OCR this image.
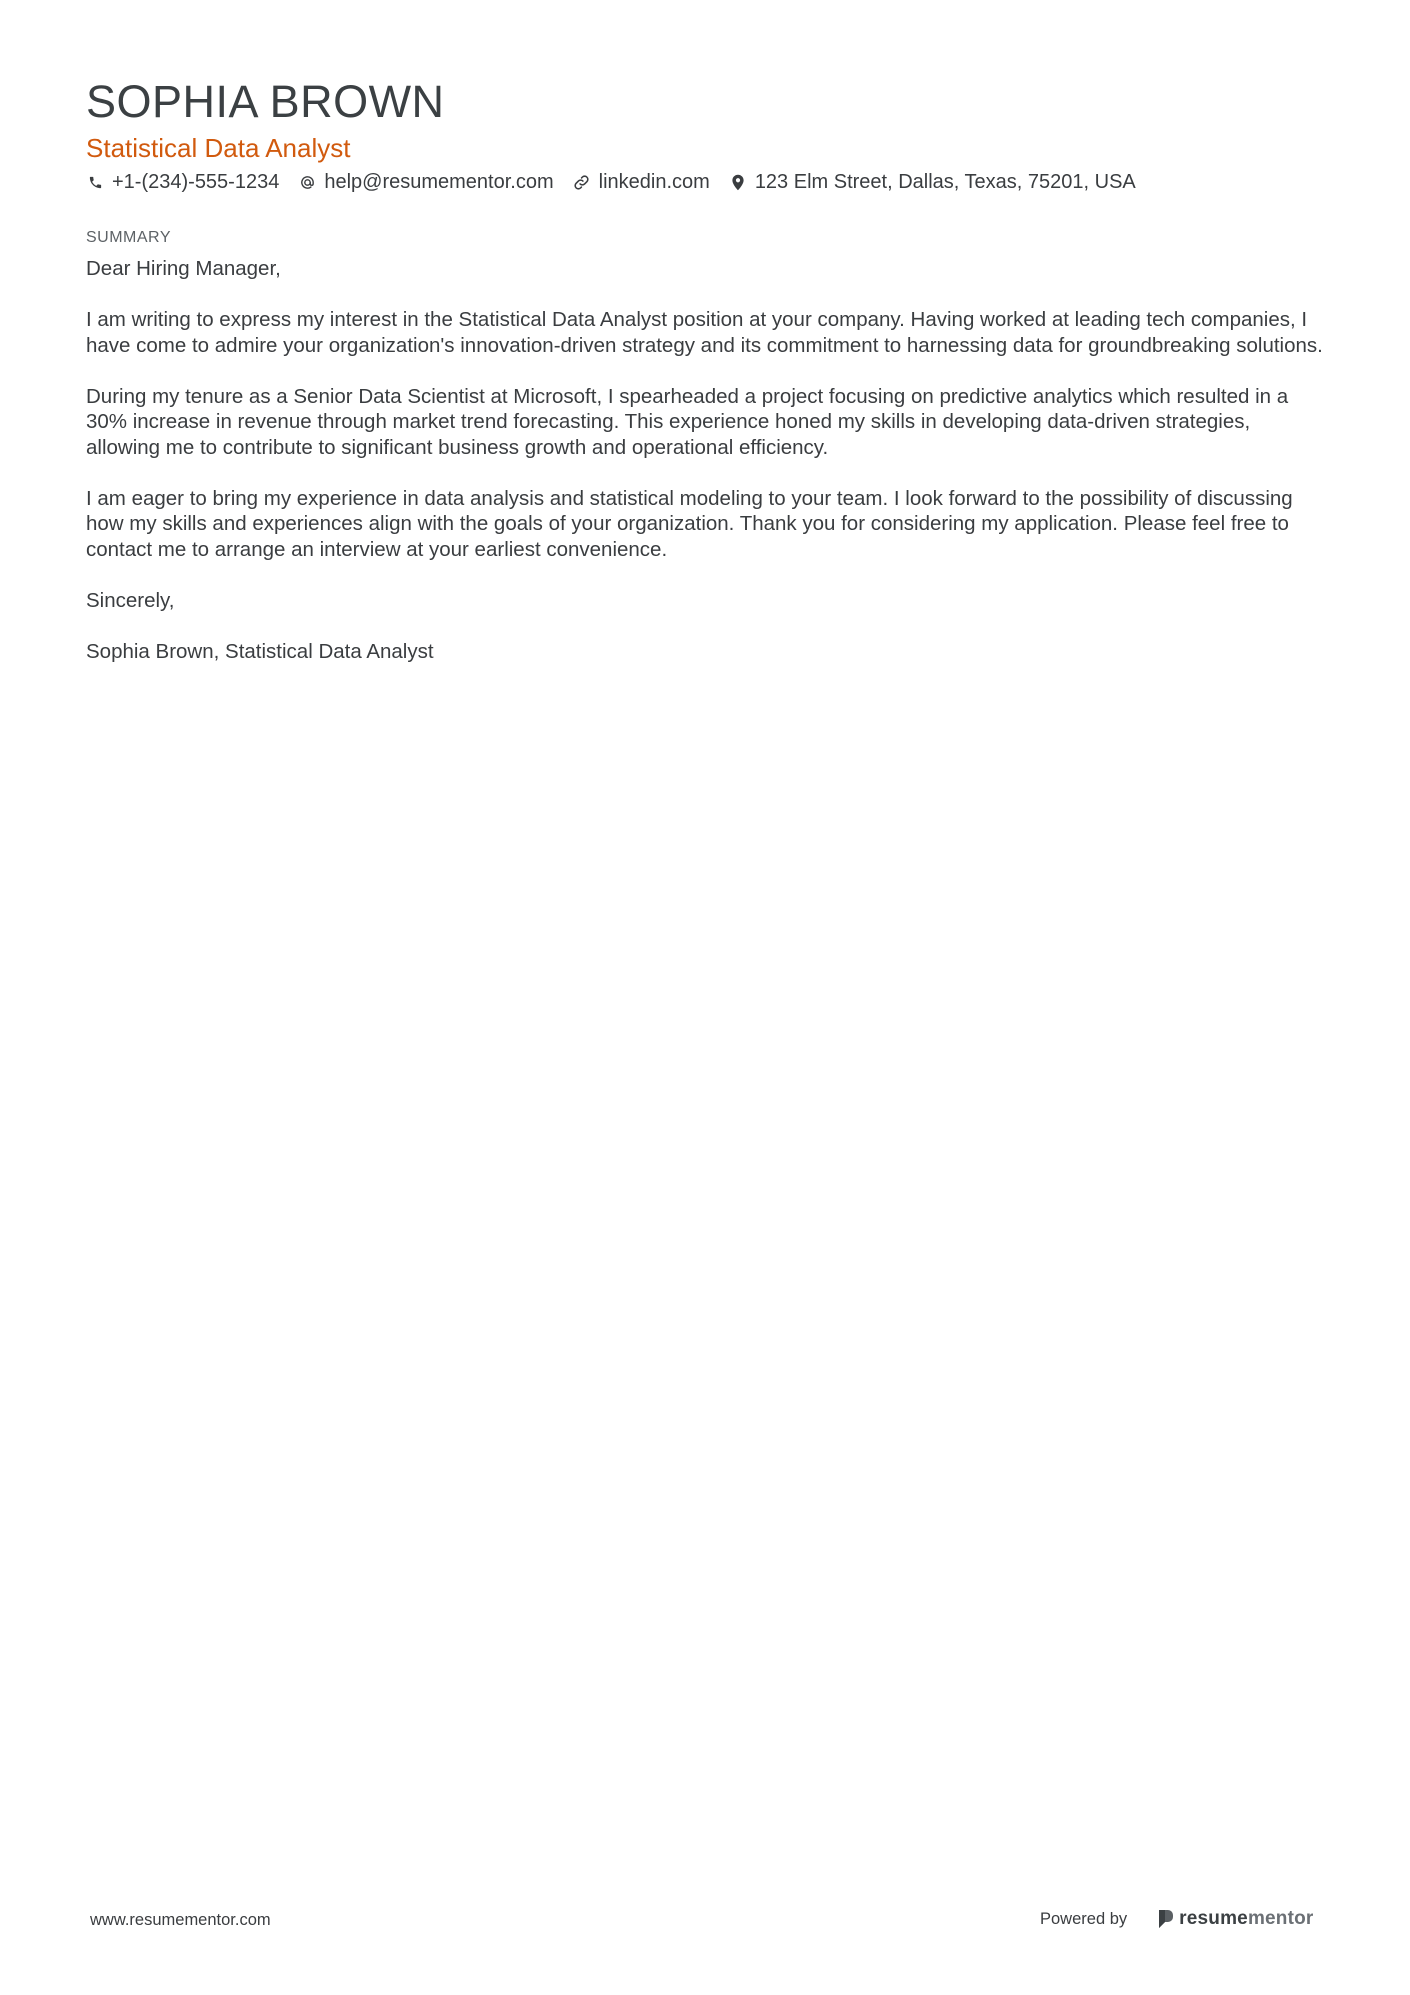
SOPHIA BROWN
Statistical Data Analyst
+1-(234)-555-1234 help@resumementor.com linkedin.com 123 Elm Street, Dallas, Texas, 75201, USA
SUMMARY

Dear Hiring Manager,

I am writing to express my interest in the Statistical Data Analyst position at your company. Having worked at leading tech companies, I have come to admire your organization's innovation-driven strategy and its commitment to harnessing data for groundbreaking solutions.

During my tenure as a Senior Data Scientist at Microsoft, I spearheaded a project focusing on predictive analytics which resulted in a 30% increase in revenue through market trend forecasting. This experience honed my skills in developing data-driven strategies, allowing me to contribute to significant business growth and operational efficiency.

I am eager to bring my experience in data analysis and statistical modeling to your team. I look forward to the possibility of discussing how my skills and experiences align with the goals of your organization. Thank you for considering my application. Please feel free to contact me to arrange an interview at your earliest convenience.

Sincerely,

Sophia Brown, Statistical Data Analyst

www.resumementor.com	Powered by	resume mentor
